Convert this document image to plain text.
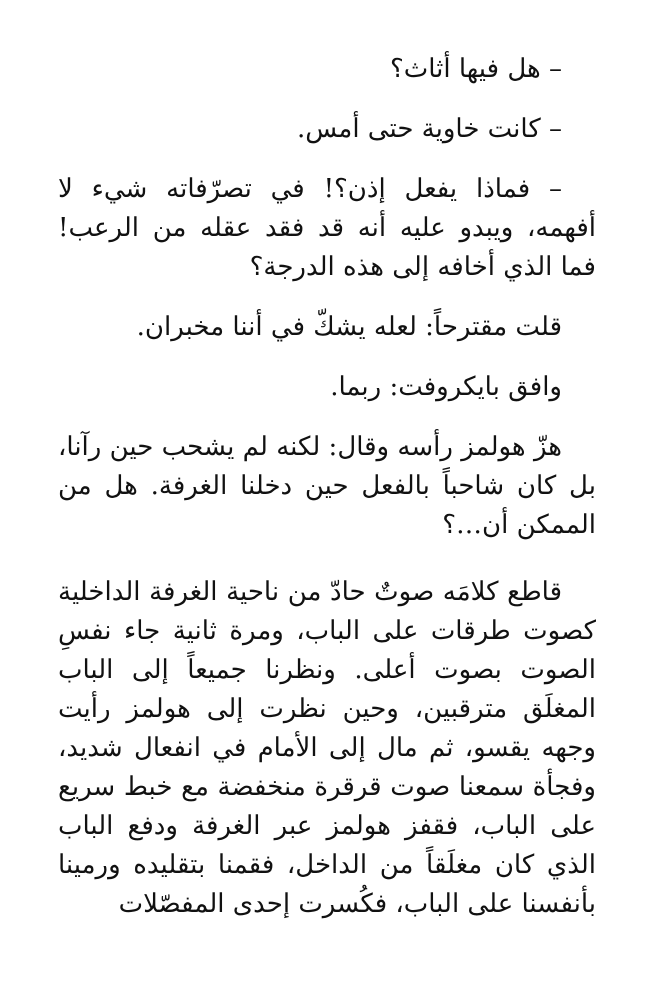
– هل فيها أثاث؟

– كانت خاوية حتى أمس.

– فماذا يفعل إذن؟! في تصرّفاته شيء لا أفهمه، ويبدو عليه أنه قد فقد عقله من الرعب! فما الذي أخافه إلى هذه الدرجة؟

قلت مقترحاً: لعله يشكّ في أننا مخبران.

وافق بايكروفت: ربما.

هزّ هولمز رأسه وقال: لكنه لم يشحب حين رآنا، بل كان شاحباً بالفعل حين دخلنا الغرفة. هل من الممكن أن…؟

قاطع كلامَه صوتٌ حادّ من ناحية الغرفة الداخلية كصوت طرقات على الباب، ومرة ثانية جاء نفسِ الصوت بصوت أعلى. ونظرنا جميعاً إلى الباب المغلَق مترقبين، وحين نظرت إلى هولمز رأيت وجهه يقسو، ثم مال إلى الأمام في انفعال شديد، وفجأة سمعنا صوت قرقرة منخفضة مع خبط سريع على الباب، فقفز هولمز عبر الغرفة ودفع الباب الذي كان مغلَقاً من الداخل، فقمنا بتقليده ورمينا بأنفسنا على الباب، فكُسرت إحدى المفصّلات
